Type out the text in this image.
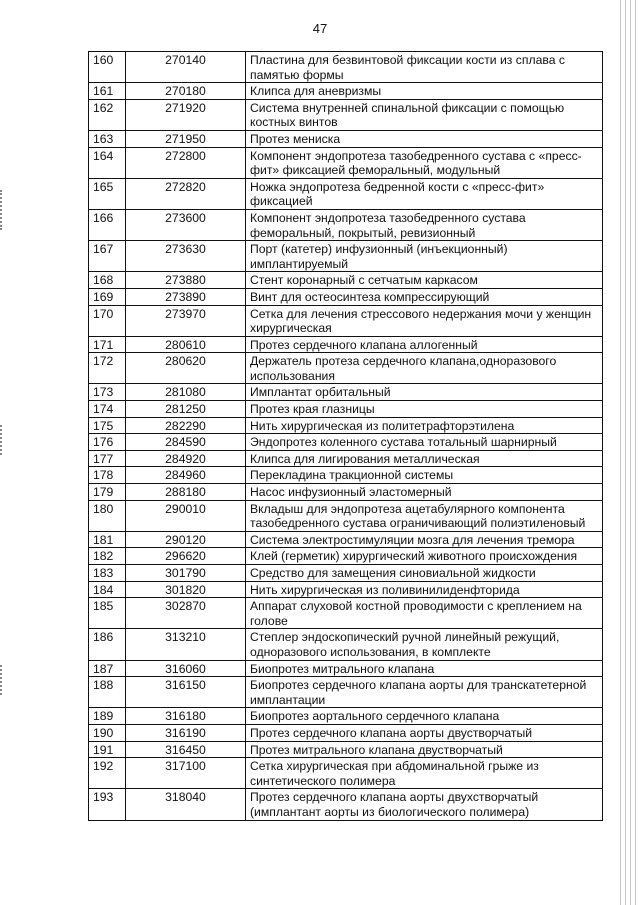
47
160	270140	Пластина для безвинтовой фиксации кости из сплава с памятью формы
161	270180	Клипса для аневризмы
162	271920	Система внутренней спинальной фиксации с помощью костных винтов
163	271950	Протез мениска
164	272800	Компонент эндопротеза тазобедренного сустава с «пресс-фит» фиксацией феморальный, модульный
165	272820	Ножка эндопротеза бедренной кости с «пресс-фит» фиксацией
166	273600	Компонент эндопротеза тазобедренного сустава феморальный, покрытый, ревизионный
167	273630	Порт (катетер) инфузионный (инъекционный) имплантируемый
168	273880	Стент коронарный с сетчатым каркасом
169	273890	Винт для остеосинтеза компрессирующий
170	273970	Сетка для лечения стрессового недержания мочи у женщин хирургическая
171	280610	Протез сердечного клапана аллогенный
172	280620	Держатель протеза сердечного клапана,одноразового использования
173	281080	Имплантат орбитальный
174	281250	Протез края глазницы
175	282290	Нить хирургическая из политетрафторэтилена
176	284590	Эндопротез коленного сустава тотальный шарнирный
177	284920	Клипса для лигирования металлическая
178	284960	Перекладина тракционной системы
179	288180	Насос инфузионный эластомерный
180	290010	Вкладыш для эндопротеза ацетабулярного компонента тазобедренного сустава ограничивающий полиэтиленовый
181	290120	Система электростимуляции мозга для лечения тремора
182	296620	Клей (герметик) хирургический животного происхождения
183	301790	Средство для замещения синовиальной жидкости
184	301820	Нить хирургическая из поливинилиденфторида
185	302870	Аппарат слуховой костной проводимости с креплением на голове
186	313210	Степлер эндоскопический ручной линейный режущий, одноразового использования, в комплекте
187	316060	Биопротез митрального клапана
188	316150	Биопротез сердечного клапана аорты для транскатетерной имплантации
189	316180	Биопротез аортального сердечного клапана
190	316190	Протез сердечного клапана аорты двустворчатый
191	316450	Протез митрального клапана двустворчатый
192	317100	Сетка хирургическая при абдоминальной грыже из синтетического полимера
193	318040	Протез сердечного клапана аорты двухстворчатый (имплантант аорты из биологического полимера)
